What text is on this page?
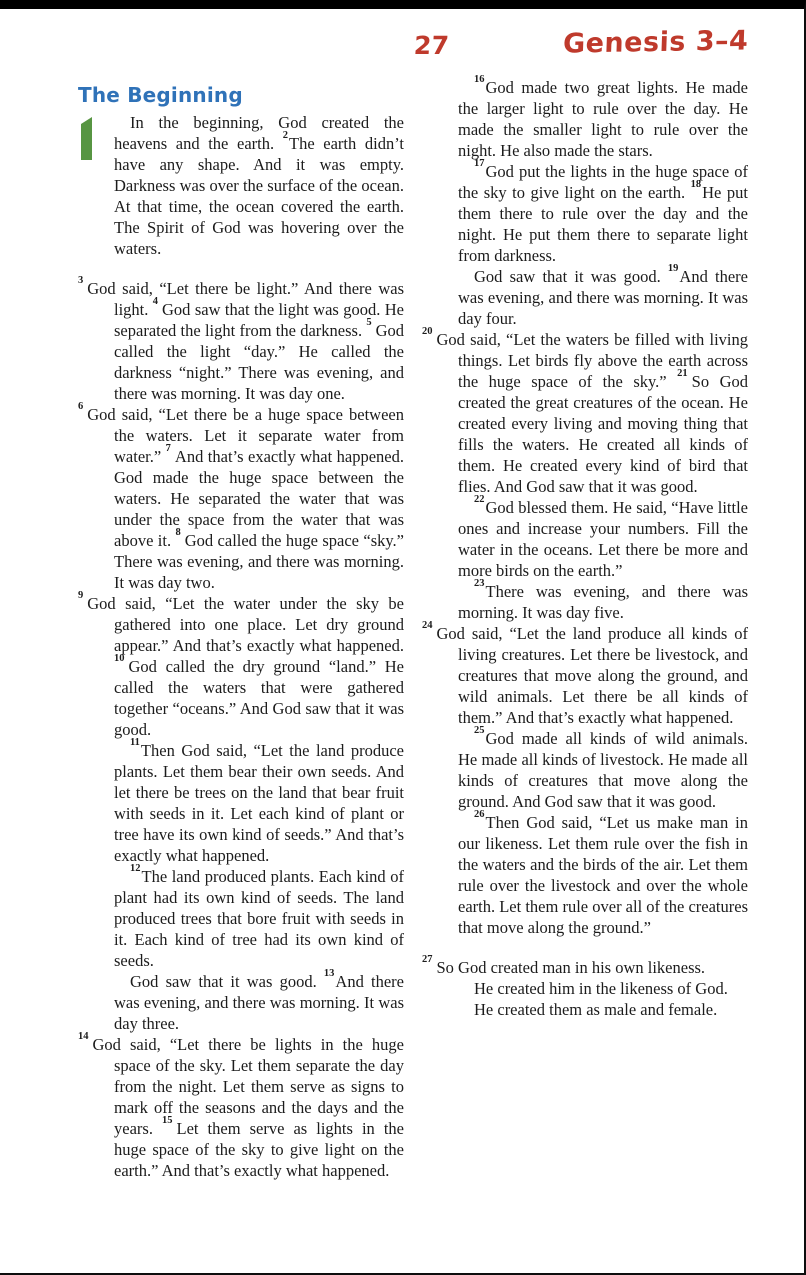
27	Genesis 3–4
The Beginning

In the beginning, God created the heavens and the earth. $^2$The earth didn’t have any shape. And it was empty. Darkness was over the surface of the ocean. At that time, the ocean covered the earth. The Spirit of God was hovering over the waters.

$^3$ God said, “Let there be light.” And there was light. $^4$ God saw that the light was good. He separated the light from the darkness. $^5$ God called the light “day.” He called the darkness “night.” There was evening, and there was morning. It was day one.

$^6$ God said, “Let there be a huge space between the waters. Let it separate water from water.” $^7$ And that’s exactly what happened. God made the huge space between the waters. He separated the water that was under the space from the water that was above it. $^8$ God called the huge space “sky.” There was evening, and there was morning. It was day two.

$^9$ God said, “Let the water under the sky be gathered into one place. Let dry ground appear.” And that’s exactly what happened. $^{10}$ God called the dry ground “land.” He called the waters that were gathered together “oceans.” And God saw that it was good.

$^{11}$Then God said, “Let the land produce plants. Let them bear their own seeds. And let there be trees on the land that bear fruit with seeds in it. Let each kind of plant or tree have its own kind of seeds.” And that’s exactly what happened.

$^{12}$The land produced plants. Each kind of plant had its own kind of seeds. The land produced trees that bore fruit with seeds in it. Each kind of tree had its own kind of seeds.

God saw that it was good. $^{13}$And there was evening, and there was morning. It was day three.

$^{14}$ God said, “Let there be lights in the huge space of the sky. Let them separate the day from the night. Let them serve as signs to mark off the seasons and the days and the years. $^{15}$ Let them serve as lights in the huge space of the sky to give light on the earth.” And that’s exactly what happened.

$^{16}$God made two great lights. He made the larger light to rule over the day. He made the smaller light to rule over the night. He also made the stars.

$^{17}$God put the lights in the huge space of the sky to give light on the earth. $^{18}$He put them there to rule over the day and the night. He put them there to separate light from darkness.

God saw that it was good. $^{19}$And there was evening, and there was morning. It was day four.

$^{20}$ God said, “Let the waters be filled with living things. Let birds fly above the earth across the huge space of the sky.” $^{21}$ So God created the great creatures of the ocean. He created every living and moving thing that fills the waters. He created all kinds of them. He created every kind of bird that flies. And God saw that it was good.

$^{22}$God blessed them. He said, “Have little ones and increase your numbers. Fill the water in the oceans. Let there be more and more birds on the earth.”

$^{23}$There was evening, and there was morning. It was day five.

$^{24}$ God said, “Let the land produce all kinds of living creatures. Let there be livestock, and creatures that move along the ground, and wild animals. Let there be all kinds of them.” And that’s exactly what happened.

$^{25}$God made all kinds of wild animals. He made all kinds of livestock. He made all kinds of creatures that move along the ground. And God saw that it was good.

$^{26}$Then God said, “Let us make man in our likeness. Let them rule over the fish in the waters and the birds of the air. Let them rule over the livestock and over the whole earth. Let them rule over all of the creatures that move along the ground.”

$^{27}$ So God created man in his own likeness.

He created him in the likeness of God.

He created them as male and female.
